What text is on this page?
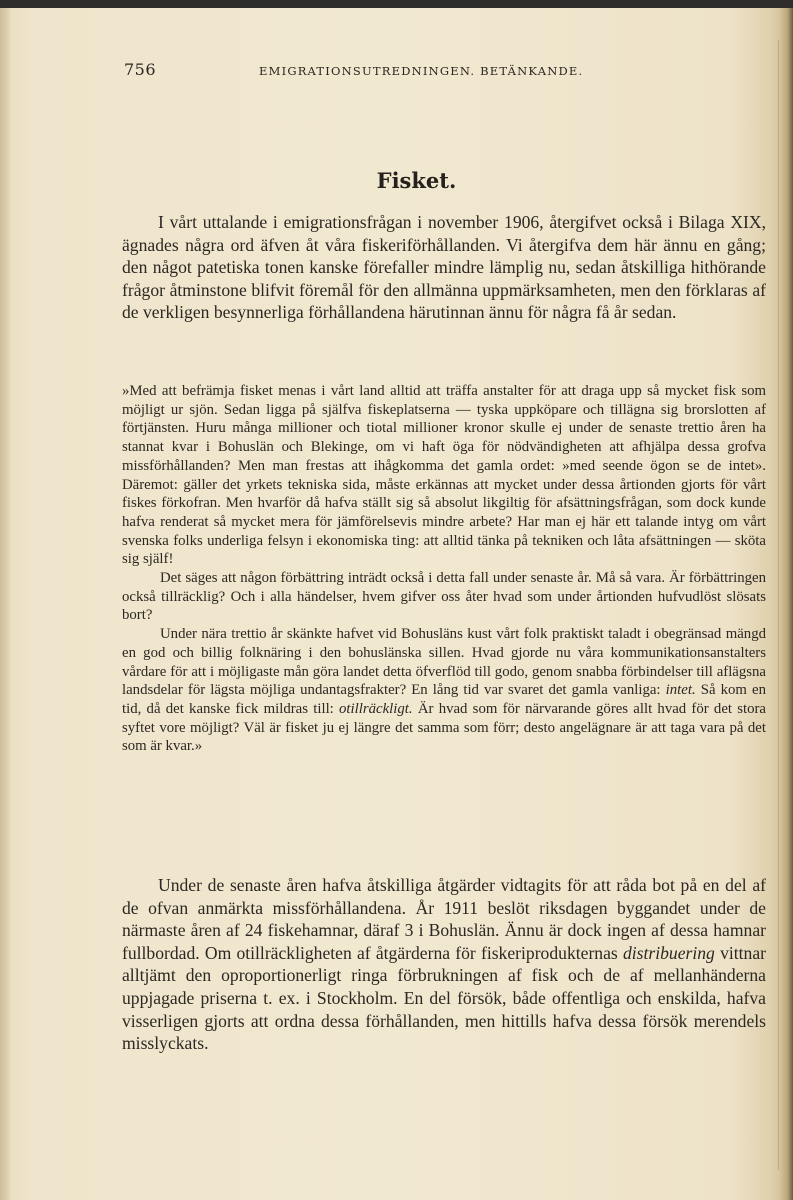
756	EMIGRATIONSUTREDNINGEN. BETÄNKANDE.
Fisket.

I vårt uttalande i emigrationsfrågan i november 1906, återgifvet också i Bilaga XIX, ägnades några ord äfven åt våra fiskeriförhållanden. Vi återgifva dem här ännu en gång; den något patetiska tonen kanske förefaller mindre lämplig nu, sedan åtskilliga hithörande frågor åtminstone blifvit föremål för den allmänna uppmärksamheten, men den förklaras af de verkligen besynnerliga förhållandena härutinnan ännu för några få år sedan.

»Med att befrämja fisket menas i vårt land alltid att träffa anstalter för att draga upp så mycket fisk som möjligt ur sjön. Sedan ligga på själfva fiskeplatserna — tyska uppköpare och tillägna sig brorslotten af förtjänsten. Huru många millioner och tiotal millioner kronor skulle ej under de senaste trettio åren ha stannat kvar i Bohuslän och Blekinge, om vi haft öga för nödvändigheten att afhjälpa dessa grofva missförhållanden? Men man frestas att ihågkomma det gamla ordet: »med seende ögon se de intet». Däremot: gäller det yrkets tekniska sida, måste erkännas att mycket under dessa årtionden gjorts för vårt fiskes förkofran. Men hvarför då hafva ställt sig så absolut likgiltig för afsättningsfrågan, som dock kunde hafva renderat så mycket mera för jämförelsevis mindre arbete? Har man ej här ett talande intyg om vårt svenska folks underliga felsyn i ekonomiska ting: att alltid tänka på tekniken och låta afsättningen — sköta sig själf!

Det säges att någon förbättring inträdt också i detta fall under senaste år. Må så vara. Är förbättringen också tillräcklig? Och i alla händelser, hvem gifver oss åter hvad som under årtionden hufvudlöst slösats bort?

Under nära trettio år skänkte hafvet vid Bohusläns kust vårt folk praktiskt taladt i obegränsad mängd en god och billig folknäring i den bohuslänska sillen. Hvad gjorde nu våra kommunikationsanstalters vårdare för att i möjligaste mån göra landet detta öfverflöd till godo, genom snabba förbindelser till aflägsna landsdelar för lägsta möjliga undantagsfrakter? En lång tid var svaret det gamla vanliga: intet. Så kom en tid, då det kanske fick mildras till: otillräckligt. Är hvad som för närvarande göres allt hvad för det stora syftet vore möjligt? Väl är fisket ju ej längre det samma som förr; desto angelägnare är att taga vara på det som är kvar.»

Under de senaste åren hafva åtskilliga åtgärder vidtagits för att råda bot på en del af de ofvan anmärkta missförhållandena. År 1911 beslöt riksdagen byggandet under de närmaste åren af 24 fiskehamnar, däraf 3 i Bohuslän. Ännu är dock ingen af dessa hamnar fullbordad. Om otillräckligheten af åtgärderna för fiskeriprodukternas distribuering vittnar alltjämt den oproportionerligt ringa förbrukningen af fisk och de af mellanhänderna uppjagade priserna t. ex. i Stockholm. En del försök, både offentliga och enskilda, hafva visserligen gjorts att ordna dessa förhållanden, men hittills hafva dessa försök merendels misslyckats.
